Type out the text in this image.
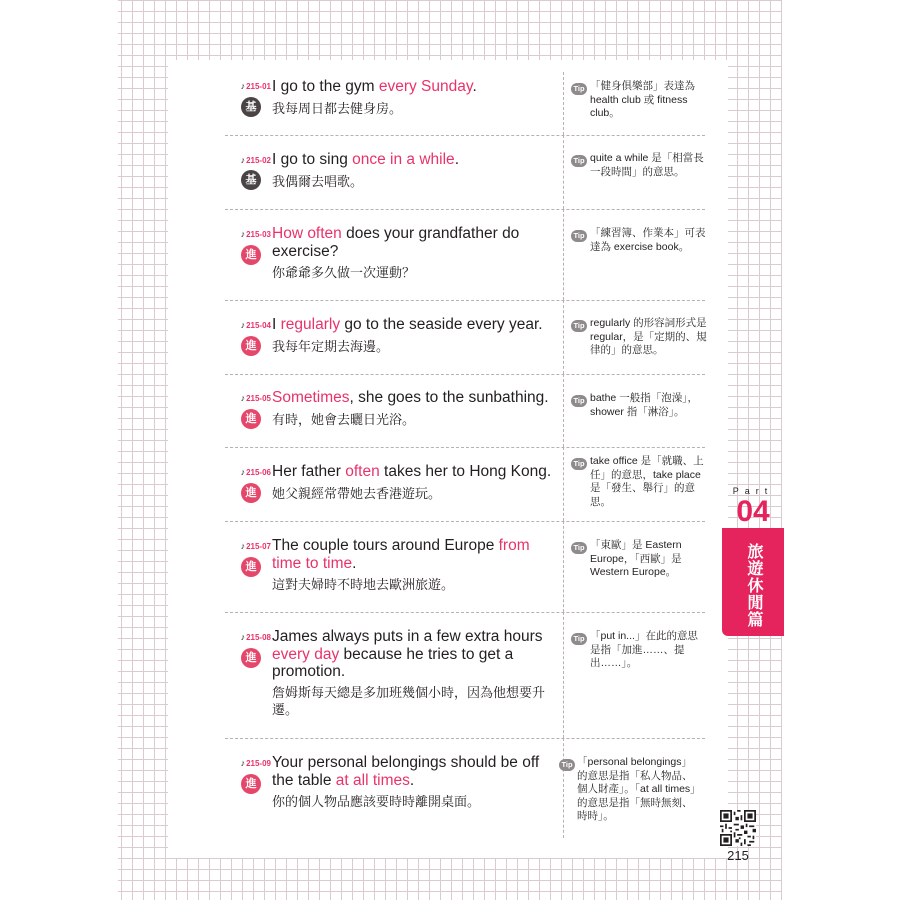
♪215-01
基
I go to the gym every Sunday.
我每周日都去健身房。
Tip 「健身俱樂部」表達為 health club 或 fitness club。
♪215-02
基
I go to sing once in a while.
我偶爾去唱歌。
Tip quite a while 是「相當長一段時間」的意思。
♪215-03
進
How often does your grandfather do exercise?
你爺爺多久做一次運動？
Tip 「練習簿、作業本」可表達為 exercise book。
♪215-04
進
I regularly go to the seaside every year.
我每年定期去海邊。
Tip regularly 的形容詞形式是 regular，是「定期的、規律的」的意思。
♪215-05
進
Sometimes, she goes to the sunbathing.
有時，她會去曬日光浴。
Tip bathe 一般指「泡澡」，shower 指「淋浴」。
♪215-06
進
Her father often takes her to Hong Kong.
她父親經常帶她去香港遊玩。
Tip take office 是「就職、上任」的意思，take place 是「發生、舉行」的意思。
♪215-07
進
The couple tours around Europe from time to time.
這對夫婦時不時地去歐洲旅遊。
Tip 「東歐」是 Eastern Europe，「西歐」是 Western Europe。
♪215-08
進
James always puts in a few extra hours every day because he tries to get a promotion.
詹姆斯每天總是多加班幾個小時，因為他想要升遷。
Tip 「put in...」在此的意思是指「加進……、提出……」。
♪215-09
進
Your personal belongings should be off the table at all times.
你的個人物品應該要時時離開桌面。
Tip 「personal belongings」的意思是指「私人物品、個人財產」。「at all times」的意思是指「無時無刻、時時」。
Part
04
旅遊休閒篇
215
